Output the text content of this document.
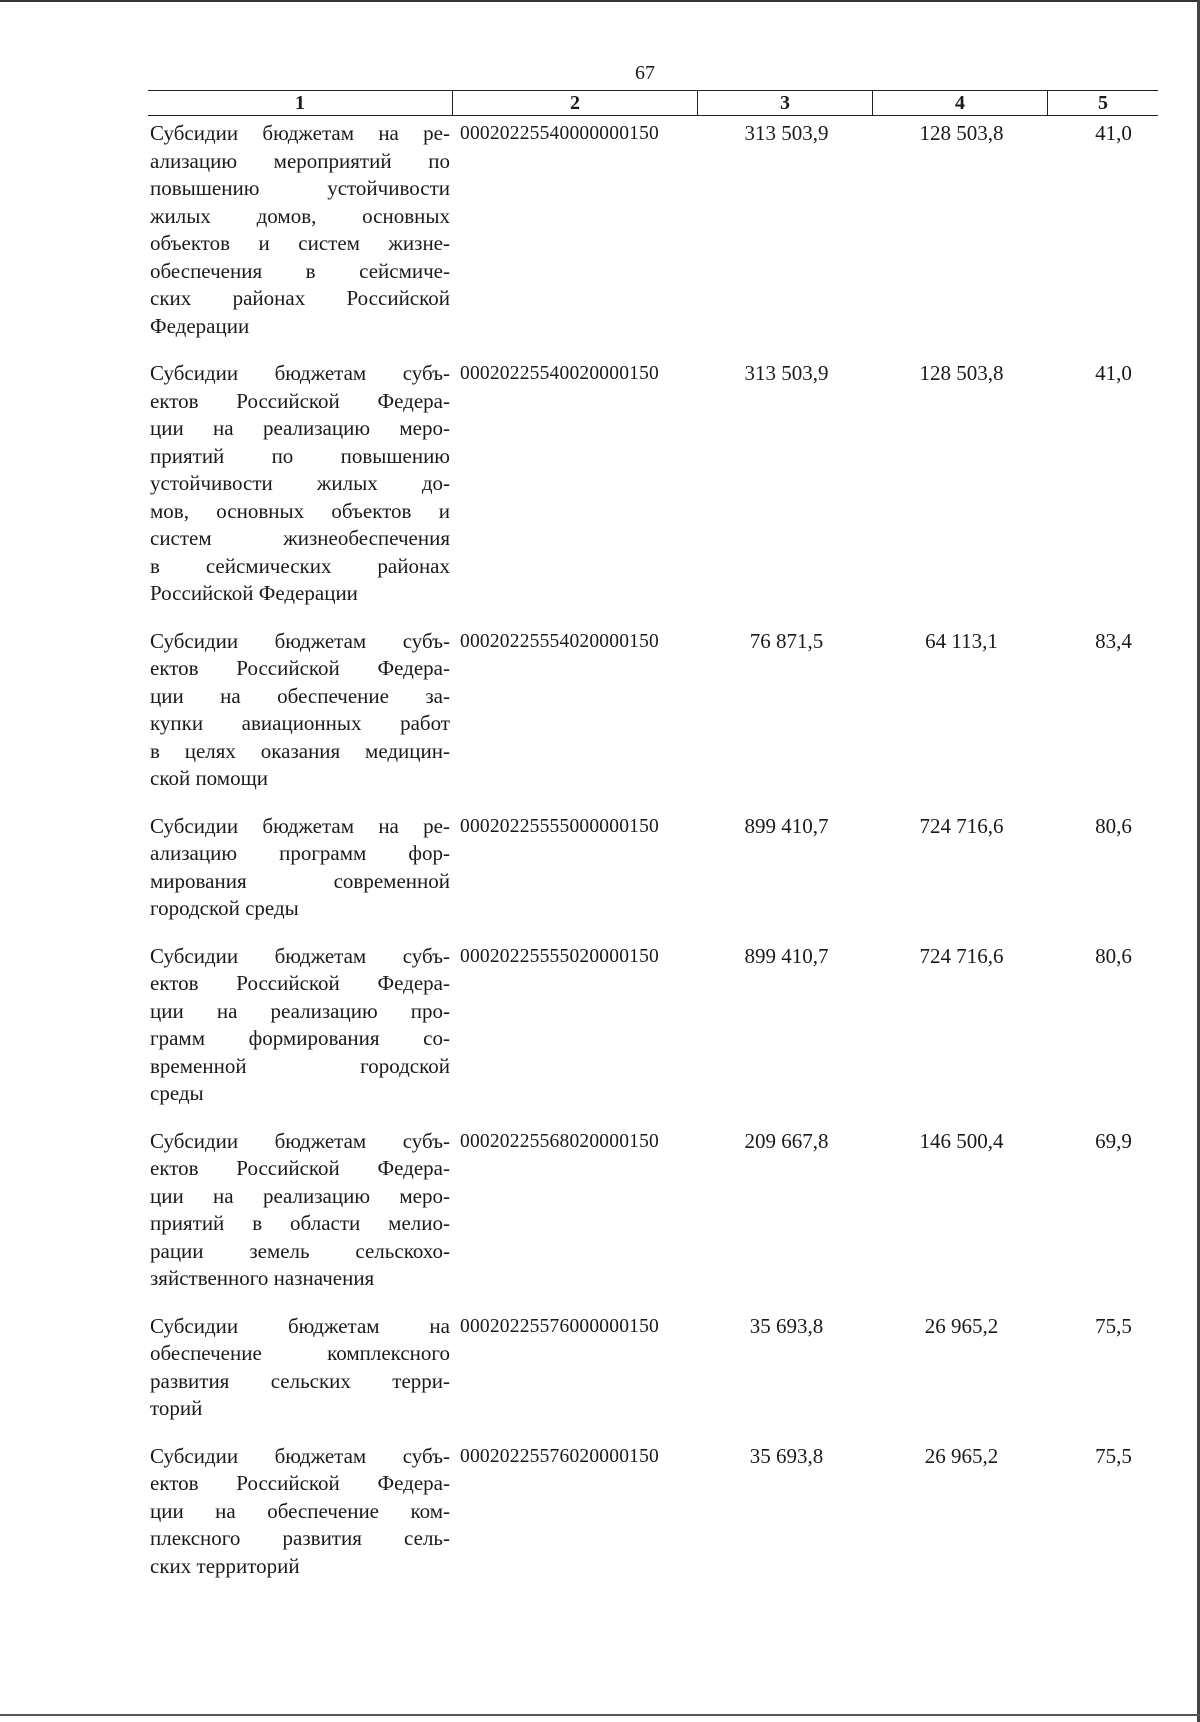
67
1	2	3	4	5
Субсидии бюджетам на ре-
ализацию мероприятий по
повышению устойчивости
жилых домов, основных
объектов и систем жизне-
обеспечения в сейсмиче-
ских районах Российской
Федерации
00020225540000000150	313 503,9	128 503,8	41,0
Субсидии бюджетам субъ-
ектов Российской Федера-
ции на реализацию меро-
приятий по повышению
устойчивости жилых до-
мов, основных объектов и
систем жизнеобеспечения
в сейсмических районах
Российской Федерации
00020225540020000150	313 503,9	128 503,8	41,0
Субсидии бюджетам субъ-
ектов Российской Федера-
ции на обеспечение за-
купки авиационных работ
в целях оказания медицин-
ской помощи
00020225554020000150	76 871,5	64 113,1	83,4
Субсидии бюджетам на ре-
ализацию программ фор-
мирования современной
городской среды
00020225555000000150	899 410,7	724 716,6	80,6
Субсидии бюджетам субъ-
ектов Российской Федера-
ции на реализацию про-
грамм формирования со-
временной городской
среды
00020225555020000150	899 410,7	724 716,6	80,6
Субсидии бюджетам субъ-
ектов Российской Федера-
ции на реализацию меро-
приятий в области мелио-
рации земель сельскохо-
зяйственного назначения
00020225568020000150	209 667,8	146 500,4	69,9
Субсидии бюджетам на
обеспечение комплексного
развития сельских терри-
торий
00020225576000000150	35 693,8	26 965,2	75,5
Субсидии бюджетам субъ-
ектов Российской Федера-
ции на обеспечение ком-
плексного развития сель-
ских территорий
00020225576020000150	35 693,8	26 965,2	75,5
